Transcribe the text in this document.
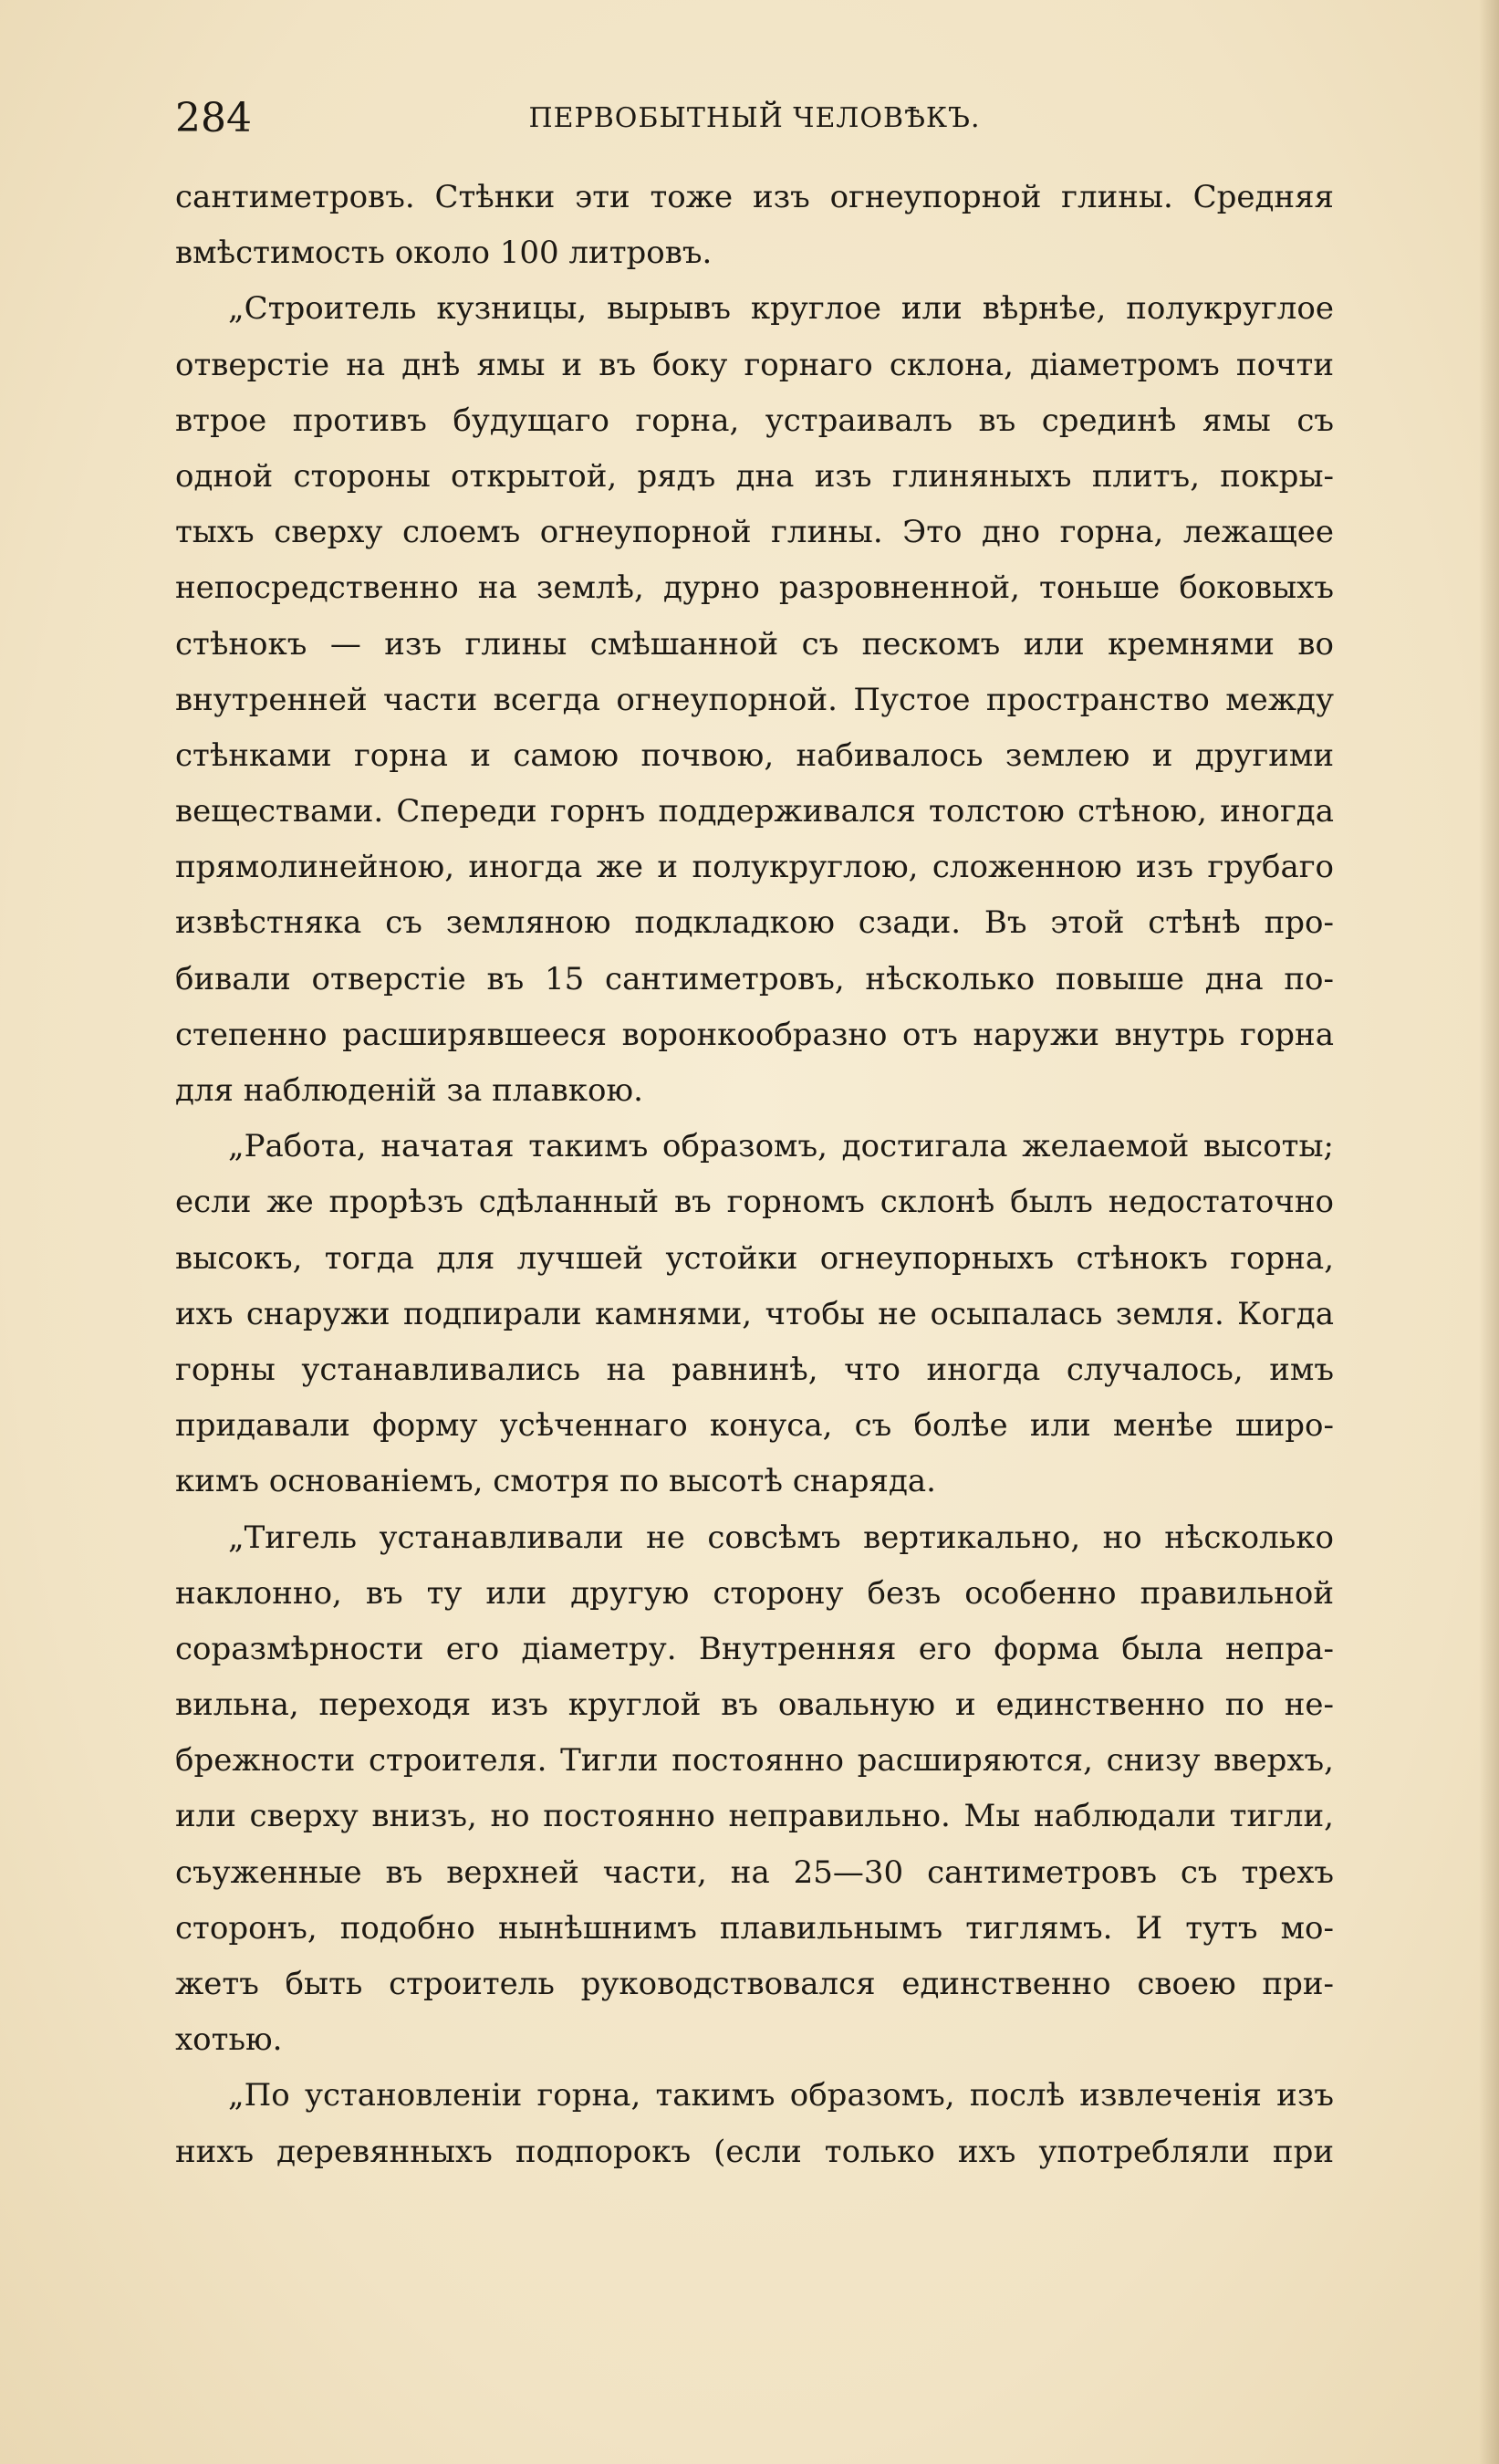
284	ПЕРВОБЫТНЫЙ ЧЕЛОВѢКЪ.
сантиметровъ. Стѣнки эти тоже изъ огнеупорной глины. Средняя
вмѣстимость около 100 литровъ.
„Строитель кузницы, вырывъ круглое или вѣрнѣе, полукруглое
отверстіе на днѣ ямы и въ боку горнаго склона, діаметромъ почти
втрое противъ будущаго горна, устраивалъ въ срединѣ ямы съ
одной стороны открытой, рядъ дна изъ глиняныхъ плитъ, покры-
тыхъ сверху слоемъ огнеупорной глины. Это дно горна, лежащее
непосредственно на землѣ, дурно разровненной, тоньше боковыхъ
стѣнокъ — изъ глины смѣшанной съ пескомъ или кремнями во
внутренней части всегда огнеупорной. Пустое пространство между
стѣнками горна и самою почвою, набивалось землею и другими
веществами. Спереди горнъ поддерживался толстою стѣною, иногда
прямолинейною, иногда же и полукруглою, сложенною изъ грубаго
извѣстняка съ земляною подкладкою сзади. Въ этой стѣнѣ про-
бивали отверстіе въ 15 сантиметровъ, нѣсколько повыше дна по-
степенно расширявшееся воронкообразно отъ наружи внутрь горна
для наблюденій за плавкою.
„Работа, начатая такимъ образомъ, достигала желаемой высоты;
если же прорѣзъ сдѣланный въ горномъ склонѣ былъ недостаточно
высокъ, тогда для лучшей устойки огнеупорныхъ стѣнокъ горна,
ихъ снаружи подпирали камнями, чтобы не осыпалась земля. Когда
горны устанавливались на равнинѣ, что иногда случалось, имъ
придавали форму усѣченнаго конуса, съ болѣе или менѣе широ-
кимъ основаніемъ, смотря по высотѣ снаряда.
„Тигель устанавливали не совсѣмъ вертикально, но нѣсколько
наклонно, въ ту или другую сторону безъ особенно правильной
соразмѣрности его діаметру. Внутренняя его форма была непра-
вильна, переходя изъ круглой въ овальную и единственно по не-
брежности строителя. Тигли постоянно расширяются, снизу вверхъ,
или сверху внизъ, но постоянно неправильно. Мы наблюдали тигли,
съуженные въ верхней части, на 25—30 сантиметровъ съ трехъ
сторонъ, подобно нынѣшнимъ плавильнымъ тиглямъ. И тутъ мо-
жетъ быть строитель руководствовался единственно своею при-
хотью.
„По установленіи горна, такимъ образомъ, послѣ извлеченія изъ
нихъ деревянныхъ подпорокъ (если только ихъ употребляли при
